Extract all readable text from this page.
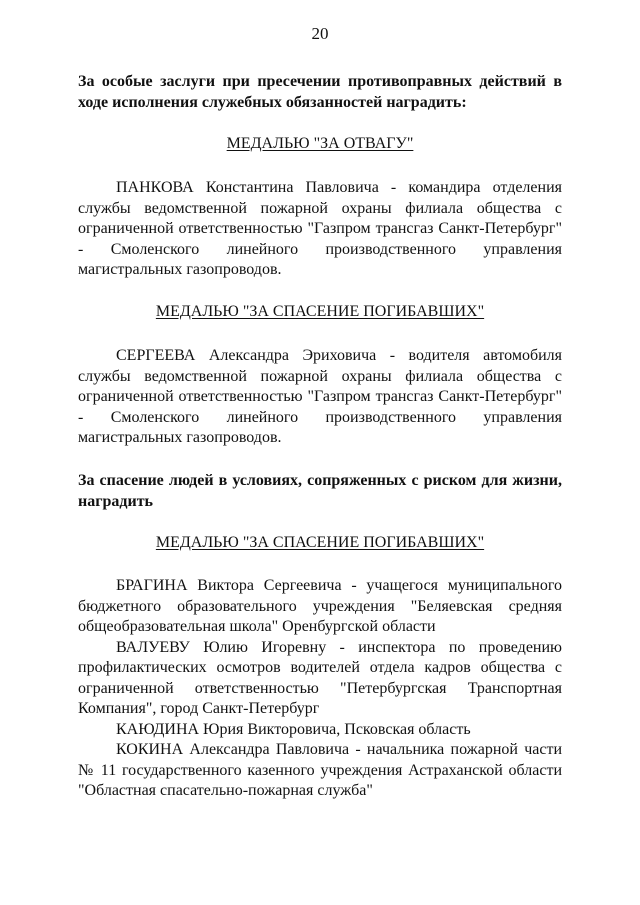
20
За особые заслуги при пресечении противоправных действий в ходе исполнения служебных обязанностей наградить:
МЕДАЛЬЮ "ЗА ОТВАГУ"

ПАНКОВА Константина Павловича - командира отделения службы ведомственной пожарной охраны филиала общества с ограниченной ответственностью "Газпром трансгаз Санкт-Петербург" - Смоленского линейного производственного управления магистральных газопроводов.

МЕДАЛЬЮ "ЗА СПАСЕНИЕ ПОГИБАВШИХ"

СЕРГЕЕВА Александра Эриховича - водителя автомобиля службы ведомственной пожарной охраны филиала общества с ограниченной ответственностью "Газпром трансгаз Санкт-Петербург" - Смоленского линейного производственного управления магистральных газопроводов.

За спасение людей в условиях, сопряженных с риском для жизни, наградить
МЕДАЛЬЮ "ЗА СПАСЕНИЕ ПОГИБАВШИХ"

БРАГИНА Виктора Сергеевича - учащегося муниципального бюджетного образовательного учреждения "Беляевская средняя общеобразовательная школа" Оренбургской области

ВАЛУЕВУ Юлию Игоревну - инспектора по проведению профилактических осмотров водителей отдела кадров общества с ограниченной ответственностью "Петербургская Транспортная Компания", город Санкт-Петербург

КАЮДИНА Юрия Викторовича, Псковская область

КОКИНА Александра Павловича - начальника пожарной части № 11 государственного казенного учреждения Астраханской области "Областная спасательно-пожарная служба"
